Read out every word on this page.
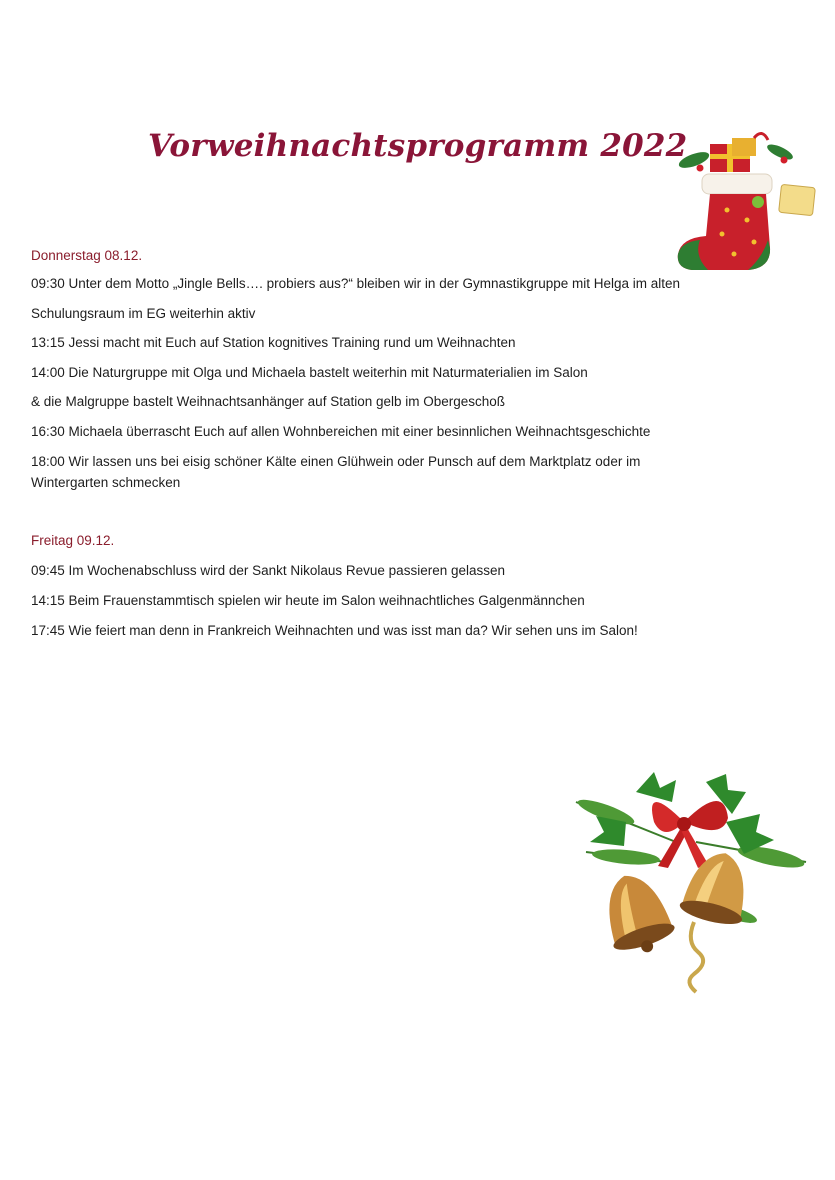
Vorweihnachtsprogramm 2022
Donnerstag 08.12.
09:30 Unter dem Motto „Jingle Bells…. probiers aus?“ bleiben wir in der Gymnastikgruppe mit Helga im alten
Schulungsraum im EG weiterhin aktiv
13:15 Jessi macht mit Euch auf Station kognitives Training rund um Weihnachten
14:00 Die Naturgruppe mit Olga und Michaela bastelt weiterhin mit Naturmaterialien im Salon
& die Malgruppe bastelt Weihnachtsanhänger auf Station gelb im Obergeschoß
16:30 Michaela überrascht Euch auf allen Wohnbereichen mit einer besinnlichen Weihnachtsgeschichte
18:00 Wir lassen uns bei eisig schöner Kälte einen Glühwein oder Punsch auf dem Marktplatz oder im Wintergarten schmecken
Freitag 09.12.
09:45 Im Wochenabschluss wird der Sankt Nikolaus Revue passieren gelassen
14:15 Beim Frauenstammtisch spielen wir heute im Salon weihnachtliches Galgenmännchen
17:45 Wie feiert man denn in Frankreich Weihnachten und was isst man da? Wir sehen uns im Salon!
